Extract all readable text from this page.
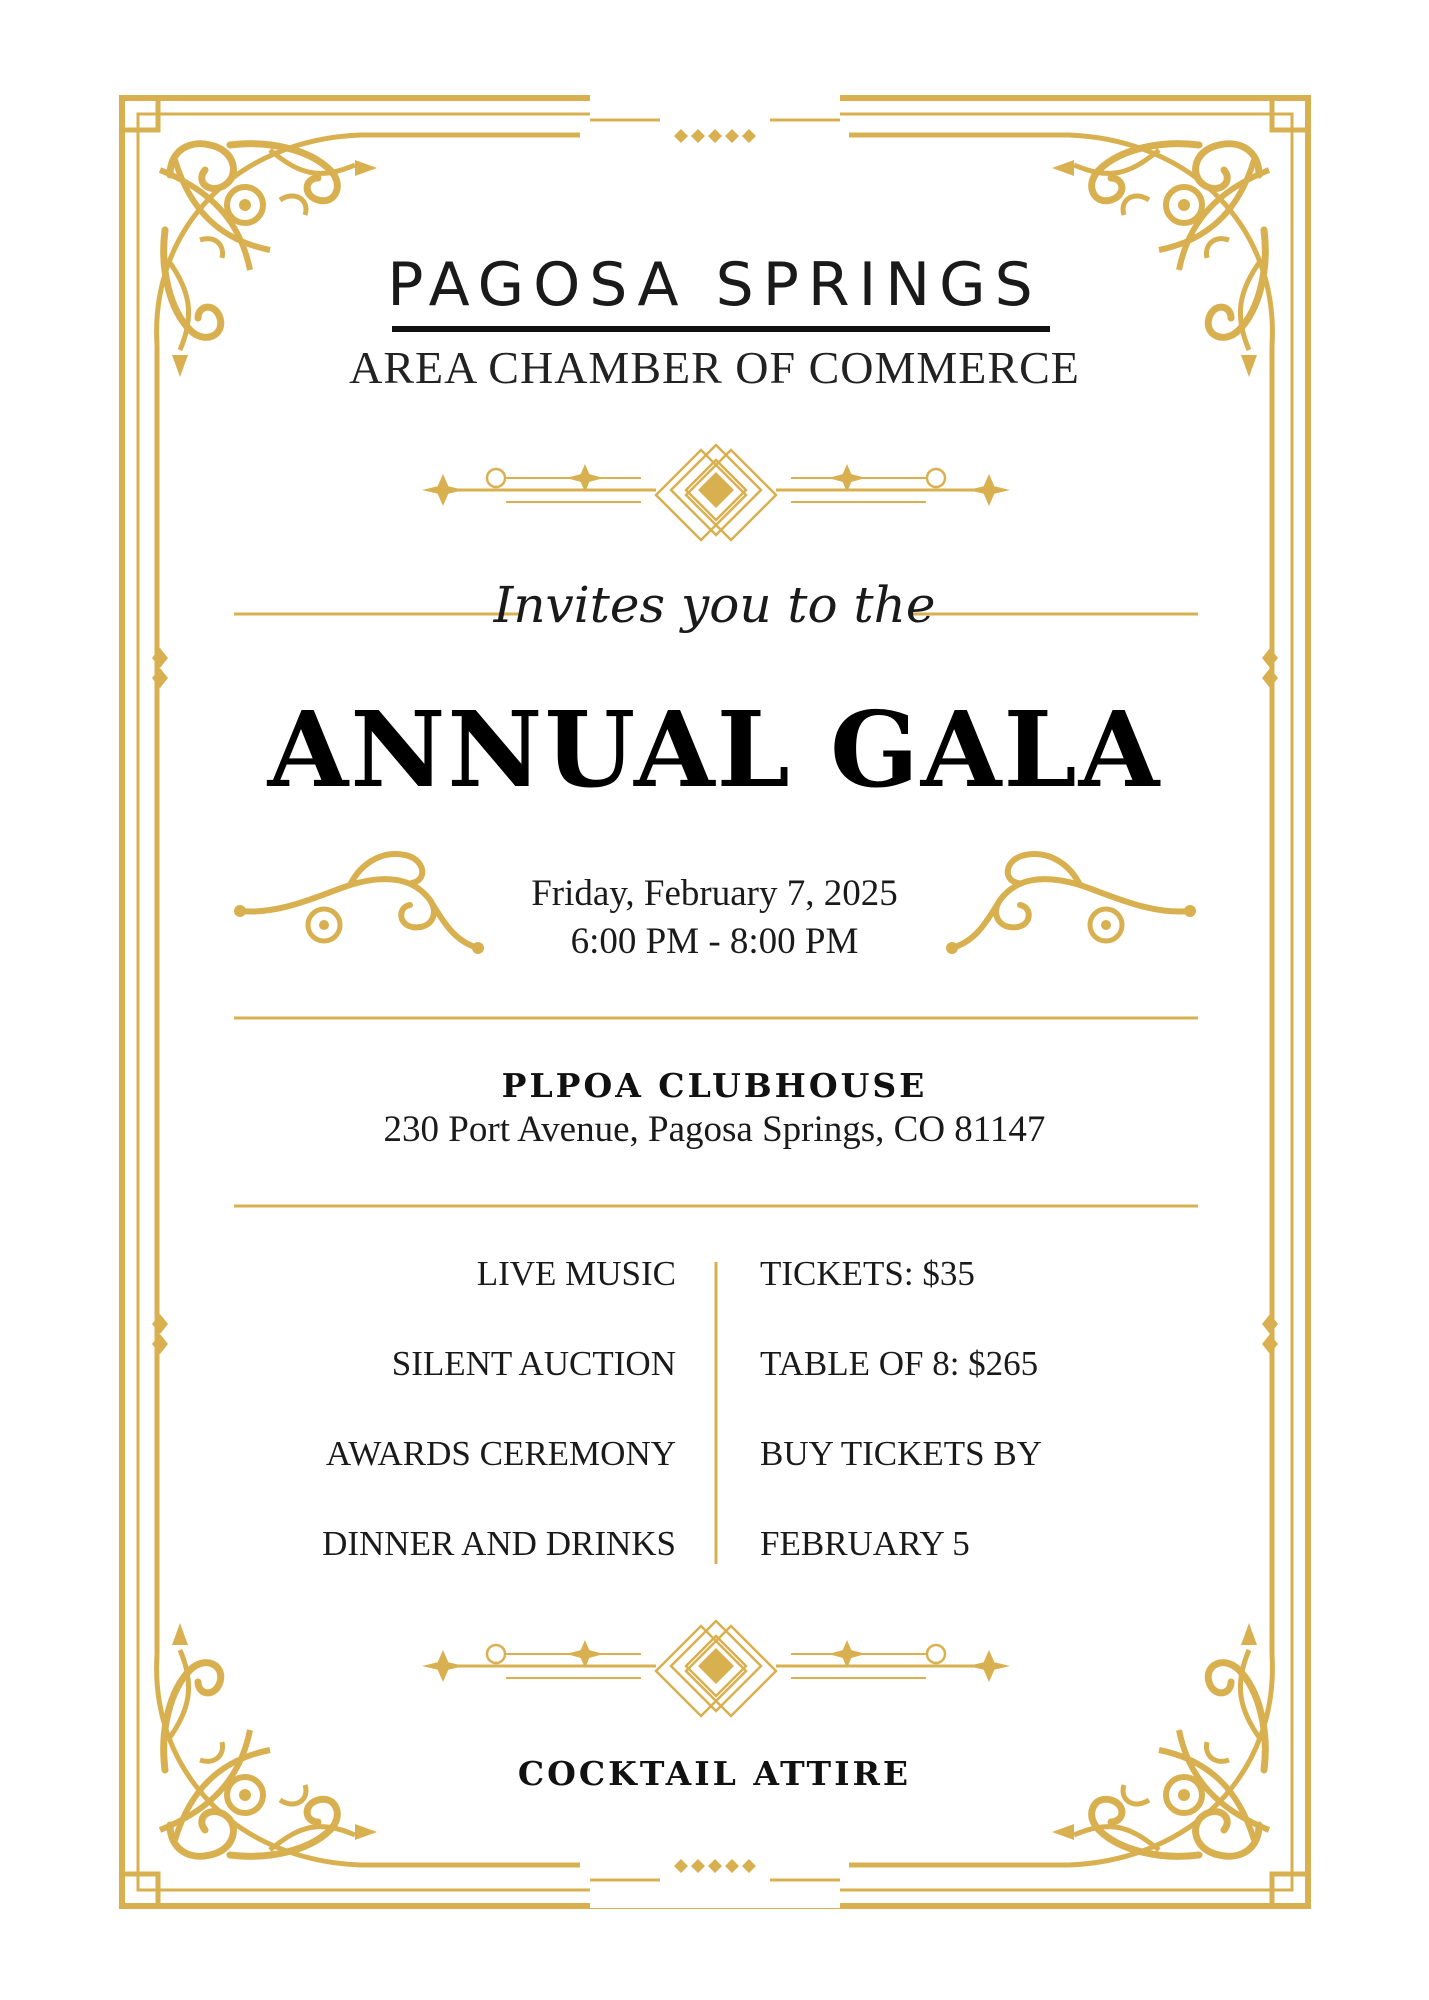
PAGOSA SPRINGS
AREA CHAMBER OF COMMERCE
Invites you to the
ANNUAL GALA
Friday, February 7, 2025
6:00 PM - 8:00 PM
PLPOA CLUBHOUSE
230 Port Avenue, Pagosa Springs, CO 81147
LIVE MUSIC
SILENT AUCTION
AWARDS CEREMONY
DINNER AND DRINKS
TICKETS: $35
TABLE OF 8: $265
BUY TICKETS BY
FEBRUARY 5
COCKTAIL ATTIRE
